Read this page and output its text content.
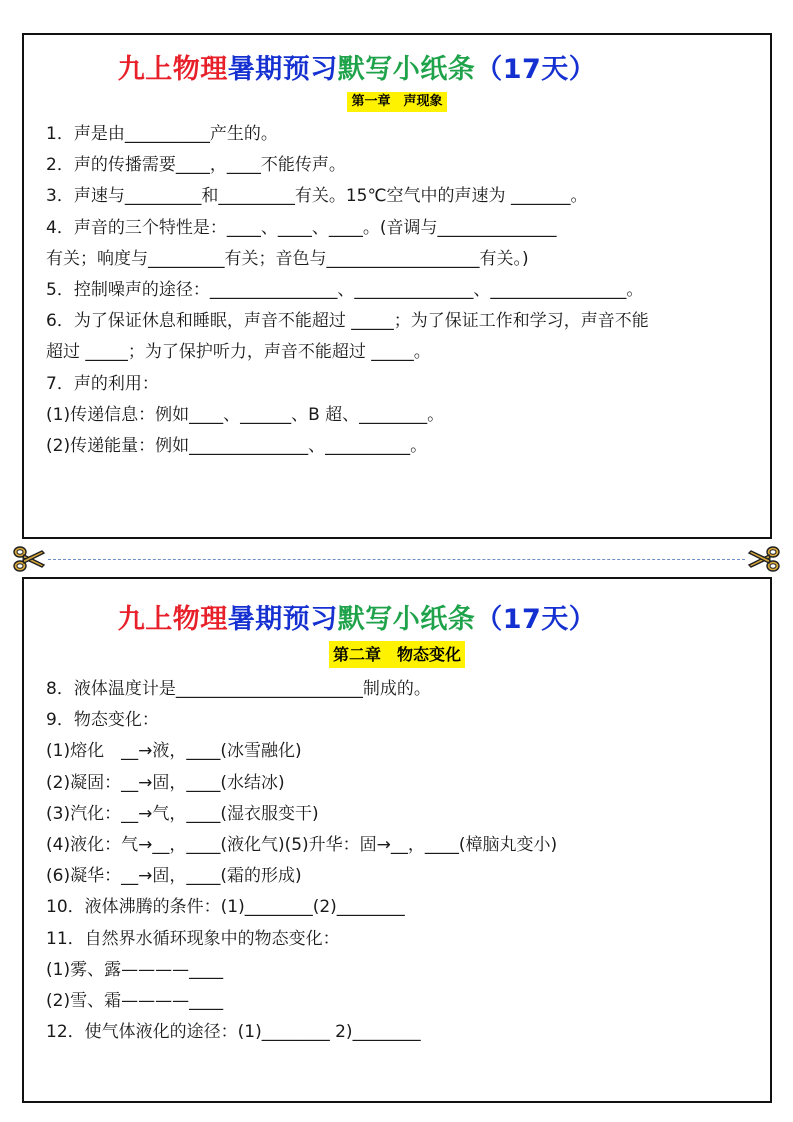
九上物理暑期预习默写小纸条（17天）
第一章　声现象
1．声是由__________产生的。
2．声的传播需要____，____不能传声。
3．声速与_________和_________有关。15℃空气中的声速为 _______。
4．声音的三个特性是：____、____、____。(音调与______________
有关；响度与_________有关；音色与__________________有关。)
5．控制噪声的途径：_______________、______________、________________。
6．为了保证休息和睡眠，声音不能超过 _____；为了保证工作和学习，声音不能
超过 _____；为了保护听力，声音不能超过 _____。
7．声的利用：
(1)传递信息：例如____、______、B 超、________。
(2)传递能量：例如______________、__________。
九上物理暑期预习默写小纸条（17天）
第二章　物态变化
8．液体温度计是______________________制成的。
9．物态变化：
(1)熔化　__→液，____(冰雪融化)
(2)凝固：__→固，____(水结冰)
(3)汽化：__→气，____(湿衣服变干)
(4)液化：气→__，____(液化气)(5)升华：固→__，____(樟脑丸变小)
(6)凝华：__→固，____(霜的形成)
10．液体沸腾的条件：(1)________(2)________
11．自然界水循环现象中的物态变化：
(1)雾、露————____
(2)雪、霜————____
12．使气体液化的途径：(1)________ 2)________
